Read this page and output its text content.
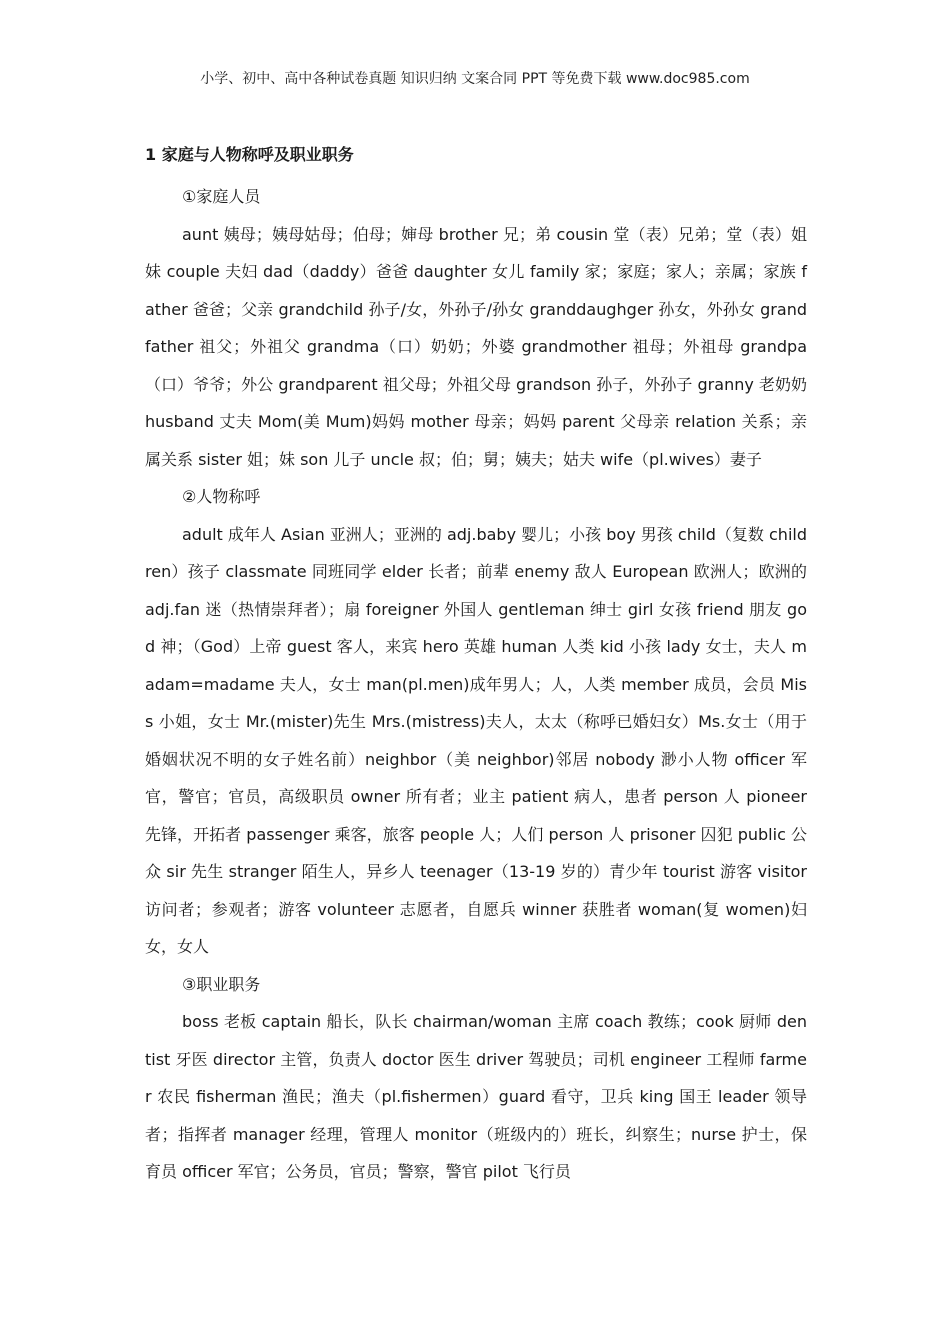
小学、初中、高中各种试卷真题 知识归纳 文案合同 PPT 等免费下载 www.doc985.com
1 家庭与人物称呼及职业职务
①家庭人员

aunt 姨母；姨母姑母；伯母；婶母 brother 兄；弟 cousin 堂（表）兄弟；堂（表）姐妹 couple 夫妇 dad（daddy）爸爸 daughter 女儿 family 家；家庭；家人；亲属；家族 father 爸爸；父亲 grandchild 孙子/女，外孙子/孙女 granddaughger 孙女，外孙女 grandfather 祖父；外祖父 grandma（口）奶奶；外婆 grandmother 祖母；外祖母 grandpa（口）爷爷；外公 grandparent 祖父母；外祖父母 grandson 孙子，外孙子 granny 老奶奶 husband 丈夫 Mom(美 Mum)妈妈 mother 母亲；妈妈 parent 父母亲 relation 关系；亲属关系 sister 姐；妹 son 儿子 uncle 叔；伯；舅；姨夫；姑夫 wife（pl.wives）妻子

②人物称呼

adult 成年人 Asian 亚洲人；亚洲的 adj.baby 婴儿；小孩 boy 男孩 child（复数 children）孩子 classmate 同班同学 elder 长者；前辈 enemy 敌人 European 欧洲人；欧洲的 adj.fan 迷（热情崇拜者）；扇 foreigner 外国人 gentleman 绅士 girl 女孩 friend 朋友 god 神；（God）上帝 guest 客人，来宾 hero 英雄 human 人类 kid 小孩 lady 女士，夫人 madam=madame 夫人，女士 man(pl.men)成年男人；人，人类 member 成员，会员 Miss 小姐，女士 Mr.(mister)先生 Mrs.(mistress)夫人，太太（称呼已婚妇女）Ms.女士（用于婚姻状况不明的女子姓名前）neighbor（美 neighbor)邻居 nobody 渺小人物 officer 军官，警官；官员，高级职员 owner 所有者；业主 patient 病人，患者 person 人 pioneer 先锋，开拓者 passenger 乘客，旅客 people 人；人们 person 人 prisoner 囚犯 public 公众 sir 先生 stranger 陌生人，异乡人 teenager（13-19 岁的）青少年 tourist 游客 visitor 访问者；参观者；游客 volunteer 志愿者，自愿兵 winner 获胜者 woman(复 women)妇女，女人

③职业职务

boss 老板 captain 船长，队长 chairman/woman 主席 coach 教练；cook 厨师 dentist 牙医 director 主管，负责人 doctor 医生 driver 驾驶员；司机 engineer 工程师 farmer 农民 fisherman 渔民；渔夫（pl.fishermen）guard 看守，卫兵 king 国王 leader 领导者；指挥者 manager 经理，管理人 monitor（班级内的）班长，纠察生；nurse 护士，保育员 officer 军官；公务员，官员；警察，警官 pilot 飞行员
